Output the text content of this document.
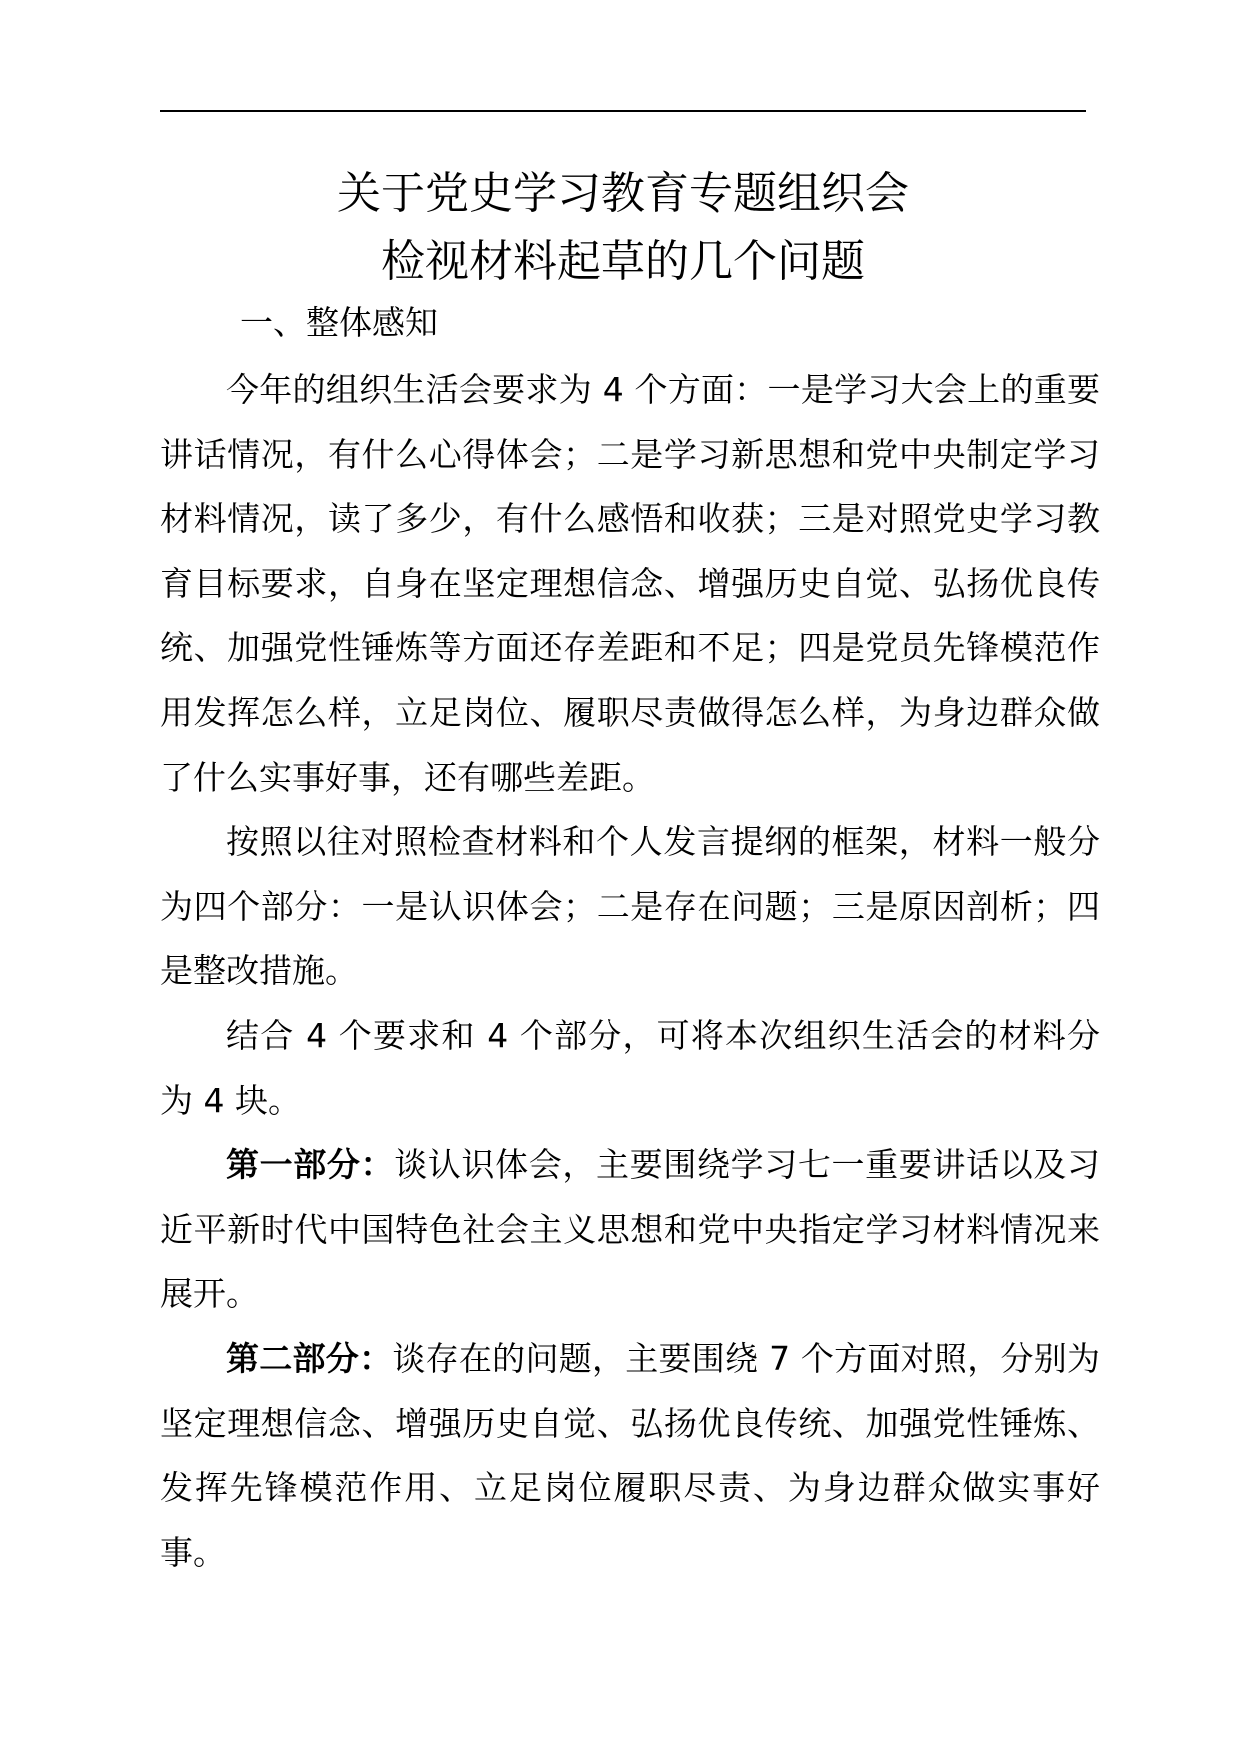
关于党史学习教育专题组织会
检视材料起草的几个问题
一、整体感知

今年的组织生活会要求为 4 个方面：一是学习大会上的重要讲话情况，有什么心得体会；二是学习新思想和党中央制定学习材料情况，读了多少，有什么感悟和收获；三是对照党史学习教育目标要求，自身在坚定理想信念、增强历史自觉、弘扬优良传统、加强党性锤炼等方面还存差距和不足；四是党员先锋模范作用发挥怎么样，立足岗位、履职尽责做得怎么样，为身边群众做了什么实事好事，还有哪些差距。

按照以往对照检查材料和个人发言提纲的框架，材料一般分为四个部分：一是认识体会；二是存在问题；三是原因剖析；四是整改措施。

结合 4 个要求和 4 个部分，可将本次组织生活会的材料分为 4 块。

第一部分：谈认识体会，主要围绕学习七一重要讲话以及习近平新时代中国特色社会主义思想和党中央指定学习材料情况来展开。

第二部分：谈存在的问题，主要围绕 7 个方面对照，分别为坚定理想信念、增强历史自觉、弘扬优良传统、加强党性锤炼、发挥先锋模范作用、立足岗位履职尽责、为身边群众做实事好事。
